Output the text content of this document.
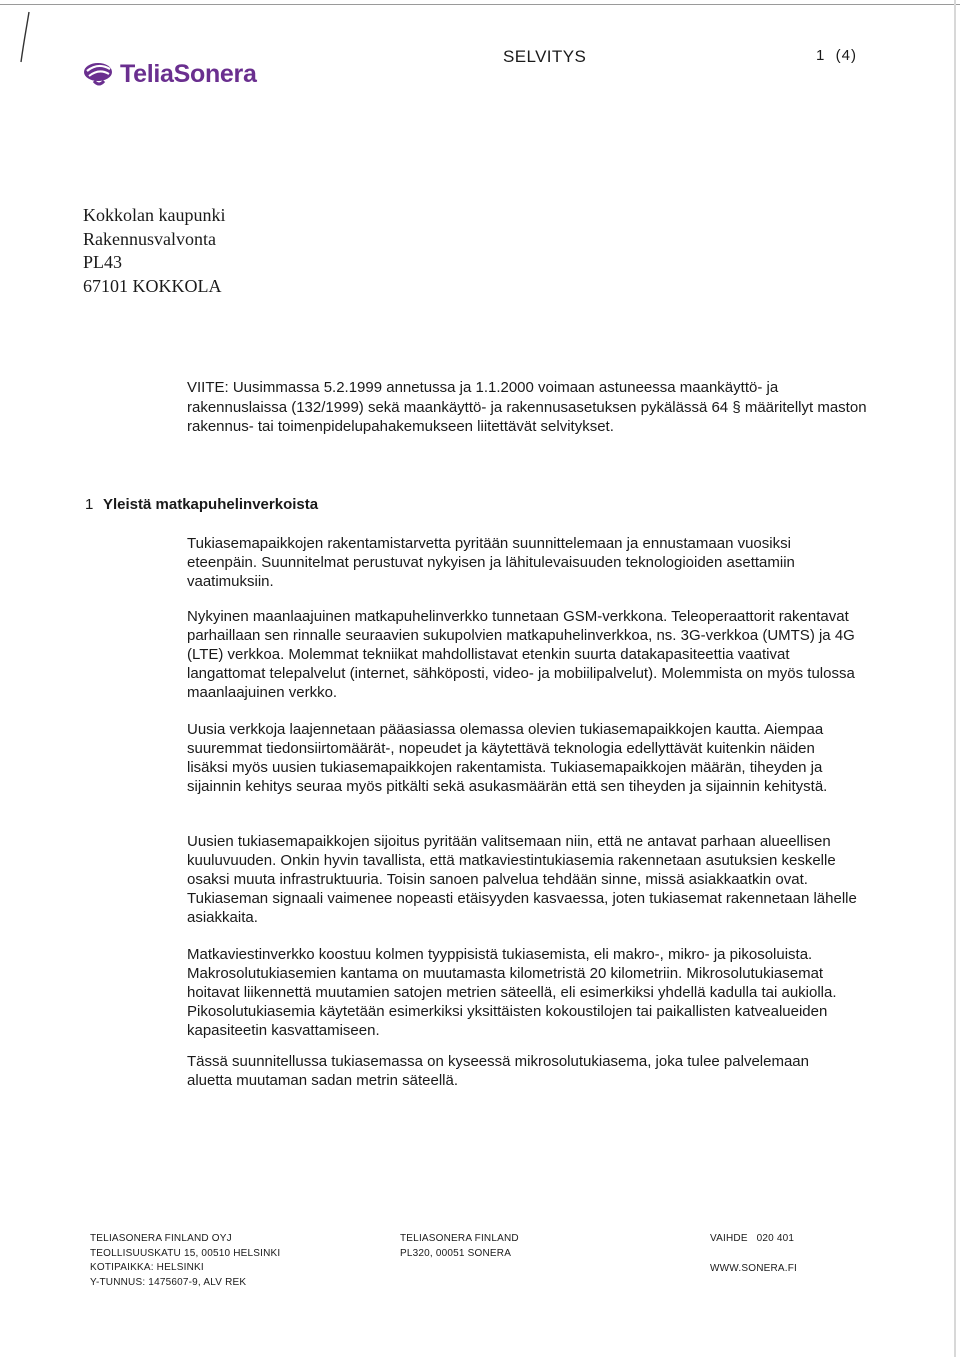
TeliaSonera
SELVITYS	1  (4)
Kokkolan kaupunki
Rakennusvalvonta
PL43
67101 KOKKOLA
VIITE: Uusimmassa 5.2.1999 annetussa ja 1.1.2000 voimaan astuneessa maankäyttö- ja rakennuslaissa (132/1999) sekä maankäyttö- ja rakennusasetuksen pykälässä 64 § määritellyt maston rakennus- tai toimenpidelupahakemukseen liitettävät selvitykset.
1 Yleistä matkapuhelinverkoista
Tukiasemapaikkojen rakentamistarvetta pyritään suunnittelemaan ja ennustamaan vuosiksi eteenpäin. Suunnitelmat perustuvat nykyisen ja lähitulevaisuuden teknologioiden asettamiin vaatimuksiin.
Nykyinen maanlaajuinen matkapuhelinverkko tunnetaan GSM-verkkona. Teleoperaattorit rakentavat parhaillaan sen rinnalle seuraavien sukupolvien matkapuhelinverkkoa, ns. 3G-verkkoa (UMTS) ja 4G (LTE) verkkoa. Molemmat tekniikat mahdollistavat etenkin suurta datakapasiteettia vaativat langattomat telepalvelut (internet, sähköposti, video- ja mobiilipalvelut). Molemmista on myös tulossa maanlaajuinen verkko.
Uusia verkkoja laajennetaan pääasiassa olemassa olevien tukiasemapaikkojen kautta. Aiempaa suuremmat tiedonsiirtomäärät-, nopeudet ja käytettävä teknologia edellyttävät kuitenkin näiden lisäksi myös uusien tukiasemapaikkojen rakentamista. Tukiasemapaikkojen määrän, tiheyden ja sijainnin kehitys seuraa myös pitkälti sekä asukasmäärän että sen tiheyden ja sijainnin kehitystä.
Uusien tukiasemapaikkojen sijoitus pyritään valitsemaan niin, että ne antavat parhaan alueellisen kuuluvuuden. Onkin hyvin tavallista, että matkaviestintukiasemia rakennetaan asutuksien keskelle osaksi muuta infrastruktuuria. Toisin sanoen palvelua tehdään sinne, missä asiakkaatkin ovat. Tukiaseman signaali vaimenee nopeasti etäisyyden kasvaessa, joten tukiasemat rakennetaan lähelle asiakkaita.
Matkaviestinverkko koostuu kolmen tyyppisistä tukiasemista, eli makro-, mikro- ja pikosoluista. Makrosolutukiasemien kantama on muutamasta kilometristä 20 kilometriin. Mikrosolutukiasemat hoitavat liikennettä muutamien satojen metrien säteellä, eli esimerkiksi yhdellä kadulla tai aukiolla. Pikosolutukiasemia käytetään esimerkiksi yksittäisten kokoustilojen tai paikallisten katvealueiden kapasiteetin kasvattamiseen.
Tässä suunnitellussa tukiasemassa on kyseessä mikrosolutukiasema, joka tulee palvelemaan aluetta muutaman sadan metrin säteellä.
TELIASONERA FINLAND OYJ
TEOLLISUUSKATU 15, 00510 HELSINKI
KOTIPAIKKA: HELSINKI
Y-TUNNUS: 1475607-9, ALV REK
TELIASONERA FINLAND
PL320, 00051 SONERA
VAIHDE   020 401
WWW.SONERA.FI
